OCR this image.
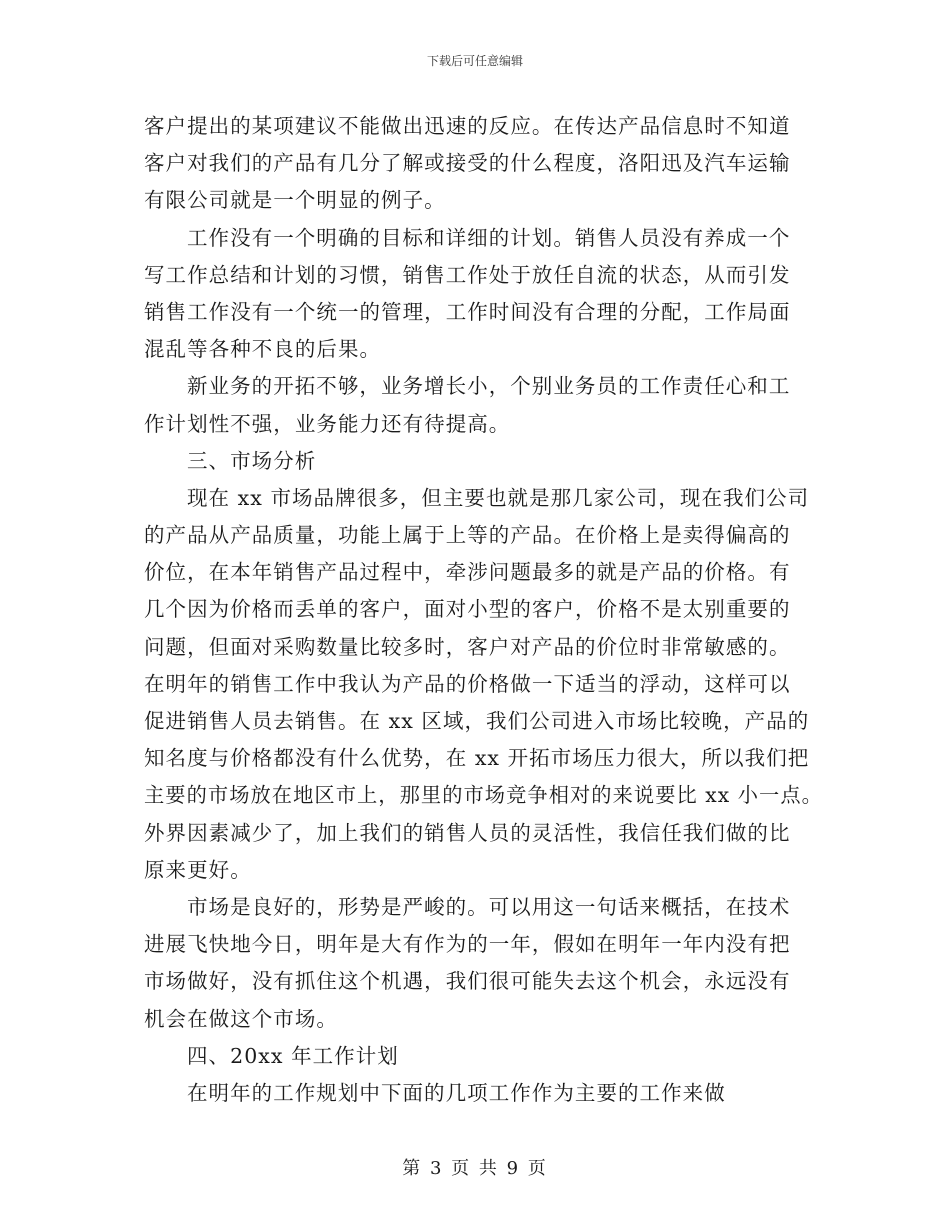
下载后可任意编辑
客户提出的某项建议不能做出迅速的反应。在传达产品信息时不知道
客户对我们的产品有几分了解或接受的什么程度，洛阳迅及汽车运输
有限公司就是一个明显的例子。
工作没有一个明确的目标和详细的计划。销售人员没有养成一个
写工作总结和计划的习惯，销售工作处于放任自流的状态，从而引发
销售工作没有一个统一的管理，工作时间没有合理的分配，工作局面
混乱等各种不良的后果。
新业务的开拓不够，业务增长小，个别业务员的工作责任心和工
作计划性不强，业务能力还有待提高。
三、市场分析
现在 xx 市场品牌很多，但主要也就是那几家公司，现在我们公司
的产品从产品质量，功能上属于上等的产品。在价格上是卖得偏高的
价位，在本年销售产品过程中，牵涉问题最多的就是产品的价格。有
几个因为价格而丢单的客户，面对小型的客户，价格不是太别重要的
问题，但面对采购数量比较多时，客户对产品的价位时非常敏感的。
在明年的销售工作中我认为产品的价格做一下适当的浮动，这样可以
促进销售人员去销售。在 xx 区域，我们公司进入市场比较晚，产品的
知名度与价格都没有什么优势，在 xx 开拓市场压力很大，所以我们把
主要的市场放在地区市上，那里的市场竞争相对的来说要比 xx 小一点。
外界因素减少了，加上我们的销售人员的灵活性，我信任我们做的比
原来更好。
市场是良好的，形势是严峻的。可以用这一句话来概括，在技术
进展飞快地今日，明年是大有作为的一年，假如在明年一年内没有把
市场做好，没有抓住这个机遇，我们很可能失去这个机会，永远没有
机会在做这个市场。
四、20xx 年工作计划
在明年的工作规划中下面的几项工作作为主要的工作来做
第 3 页 共 9 页
